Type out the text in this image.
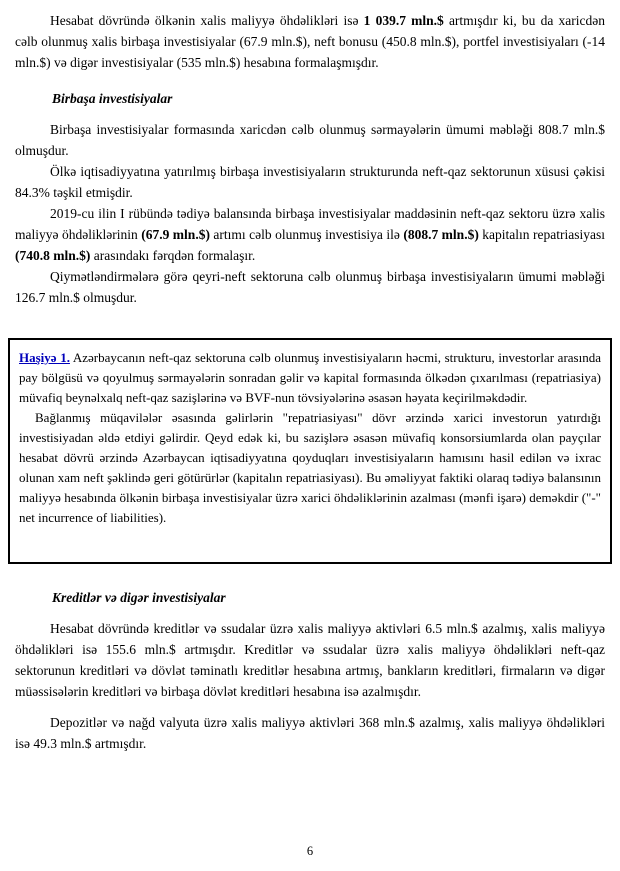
Hesabat dövründə ölkənin xalis maliyyə öhdəlikləri isə 1 039.7 mln.$ artmışdır ki, bu da xaricdən cəlb olunmuş xalis birbaşa investisiyalar (67.9 mln.$), neft bonusu (450.8 mln.$), portfel investisiyaları (-14 mln.$) və digər investisiyalar (535 mln.$) hesabına formalaşmışdır.

Birbaşa investisiyalar

Birbaşa investisiyalar formasında xaricdən cəlb olunmuş sərmayələrin ümumi məbləği 808.7 mln.$ olmuşdur.

Ölkə iqtisadiyyatına yatırılmış birbaşa investisiyaların strukturunda neft-qaz sektorunun xüsusi çəkisi 84.3% təşkil etmişdir.

2019-cu ilin I rübündə tədiyə balansında birbaşa investisiyalar maddəsinin neft-qaz sektoru üzrə xalis maliyyə öhdəliklərinin (67.9 mln.$) artımı cəlb olunmuş investisiya ilə (808.7 mln.$) kapitalın repatriasiyası (740.8 mln.$) arasındakı fərqdən formalaşır.

Qiymətləndirmələrə görə qeyri-neft sektoruna cəlb olunmuş birbaşa investisiyaların ümumi məbləği 126.7 mln.$ olmuşdur.

Haşiyə 1. Azərbaycanın neft-qaz sektoruna cəlb olunmuş investisiyaların həcmi, strukturu, investorlar arasında pay bölgüsü və qoyulmuş sərmayələrin sonradan gəlir və kapital formasında ölkədən çıxarılması (repatriasiya) müvafiq beynəlxalq neft-qaz sazişlərinə və BVF-nun tövsiyələrinə əsasən həyata keçirilməkdədir.

Bağlanmış müqavilələr əsasında gəlirlərin "repatriasiyası" dövr ərzində xarici investorun yatırdığı investisiyadan əldə etdiyi gəlirdir. Qeyd edək ki, bu sazişlərə əsasən müvafiq konsorsiumlarda olan payçılar hesabat dövrü ərzində Azərbaycan iqtisadiyyatına qoyduqları investisiyaların hamısını hasil edilən və ixrac olunan xam neft şəklində geri götürürlər (kapitalın repatriasiyası). Bu əməliyyat faktiki olaraq tədiyə balansının maliyyə hesabında ölkənin birbaşa investisiyalar üzrə xarici öhdəliklərinin azalması (mənfi işarə) deməkdir ("-" net incurrence of liabilities).

Kreditlər və digər investisiyalar

Hesabat dövründə kreditlər və ssudalar üzrə xalis maliyyə aktivləri 6.5 mln.$ azalmış, xalis maliyyə öhdəlikləri isə 155.6 mln.$ artmışdır. Kreditlər və ssudalar üzrə xalis maliyyə öhdəlikləri neft-qaz sektorunun kreditləri və dövlət təminatlı kreditlər hesabına artmış, bankların kreditləri, firmaların və digər müəssisələrin kreditləri və birbaşa dövlət kreditləri hesabına isə azalmışdır.

Depozitlər və nağd valyuta üzrə xalis maliyyə aktivləri 368 mln.$ azalmış, xalis maliyyə öhdəlikləri isə 49.3 mln.$ artmışdır.

6
